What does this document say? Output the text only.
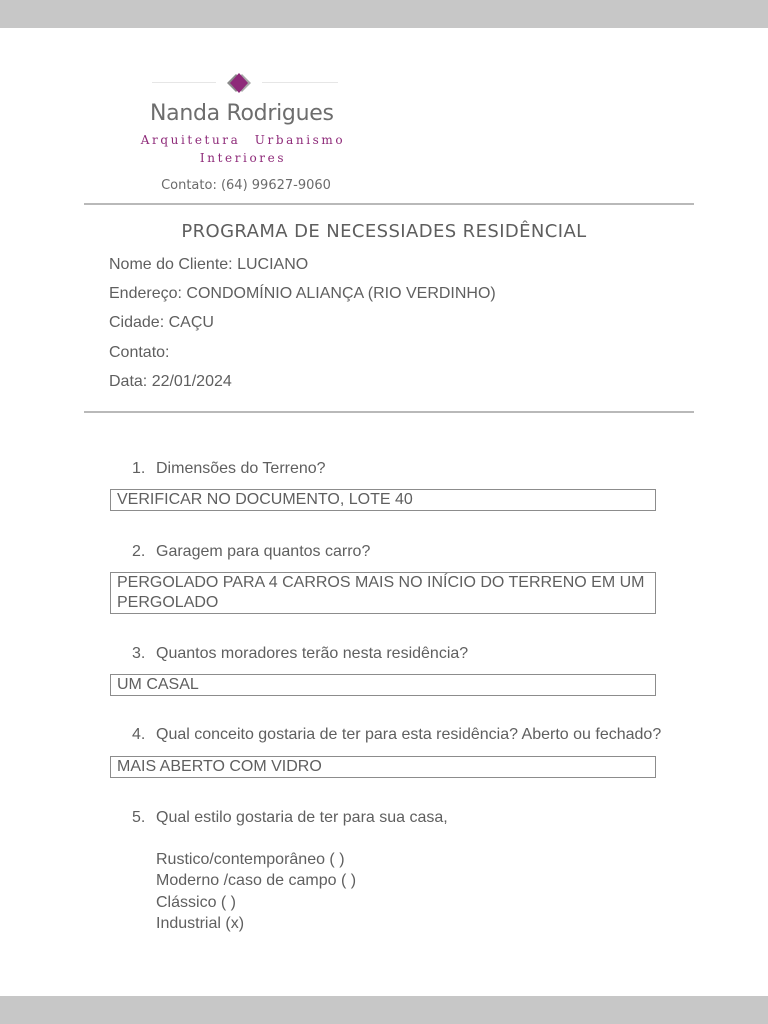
Nanda Rodrigues
Arquitetura Urbanismo
Interiores
Contato: (64) 99627-9060
PROGRAMA DE NECESSIADES RESIDÊNCIAL
Nome do Cliente: LUCIANO
Endereço: CONDOMÍNIO ALIANÇA (RIO VERDINHO)
Cidade: CAÇU
Contato:
Data: 22/01/2024
1. Dimensões do Terreno?
VERIFICAR NO DOCUMENTO, LOTE 40
2. Garagem para quantos carro?
PERGOLADO PARA 4 CARROS MAIS NO INÍCIO DO TERRENO EM UM PERGOLADO
3. Quantos moradores terão nesta residência?
UM CASAL
4. Qual conceito gostaria de ter para esta residência? Aberto ou fechado?
MAIS ABERTO COM VIDRO
5. Qual estilo gostaria de ter para sua casa,
Rustico/contemporâneo ( )
Moderno /caso de campo ( )
Clássico ( )
Industrial (x)
